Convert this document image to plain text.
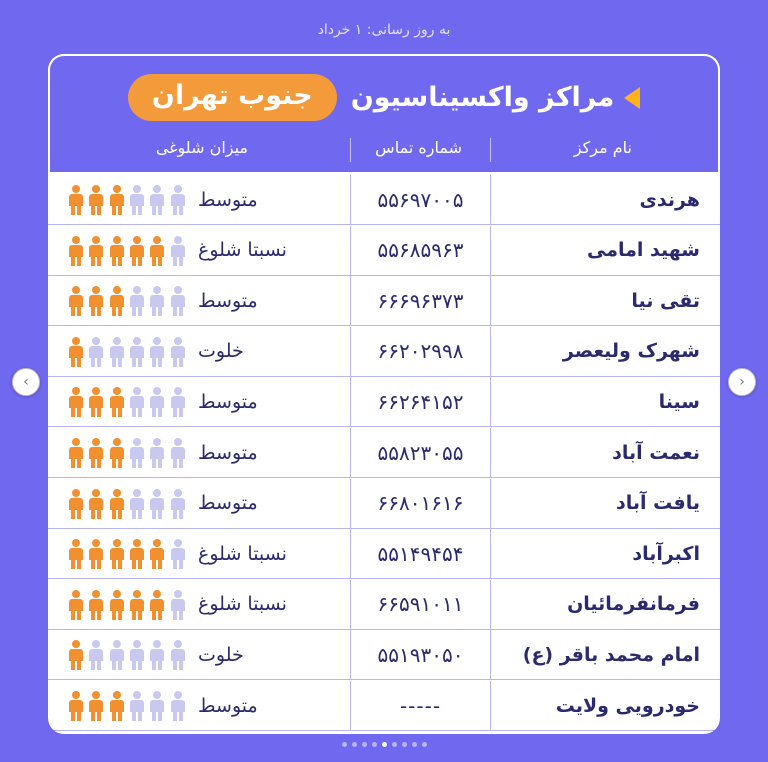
به روز رسانی: ۱ خرداد
مراکز واکسیناسیون
جنوب تهران
نام مرکز
شماره تماس
میزان شلوغی
هرندی
۵۵۶۹۷۰۰۵
متوسط
شهید امامی
۵۵۶۸۵۹۶۳
نسبتا شلوغ
تقی نیا
۶۶۶۹۶۳۷۳
متوسط
شهرک ولیعصر
۶۶۲۰۲۹۹۸
خلوت
سینا
۶۶۲۶۴۱۵۲
متوسط
نعمت آباد
۵۵۸۲۳۰۵۵
متوسط
یافت آباد
۶۶۸۰۱۶۱۶
متوسط
اکبرآباد
۵۵۱۴۹۴۵۴
نسبتا شلوغ
فرمانفرمائیان
۶۶۵۹۱۰۱۱
نسبتا شلوغ
امام محمد باقر (ع)
۵۵۱۹۳۰۵۰
خلوت
خودرویی ولایت
-----
متوسط
‹	›
